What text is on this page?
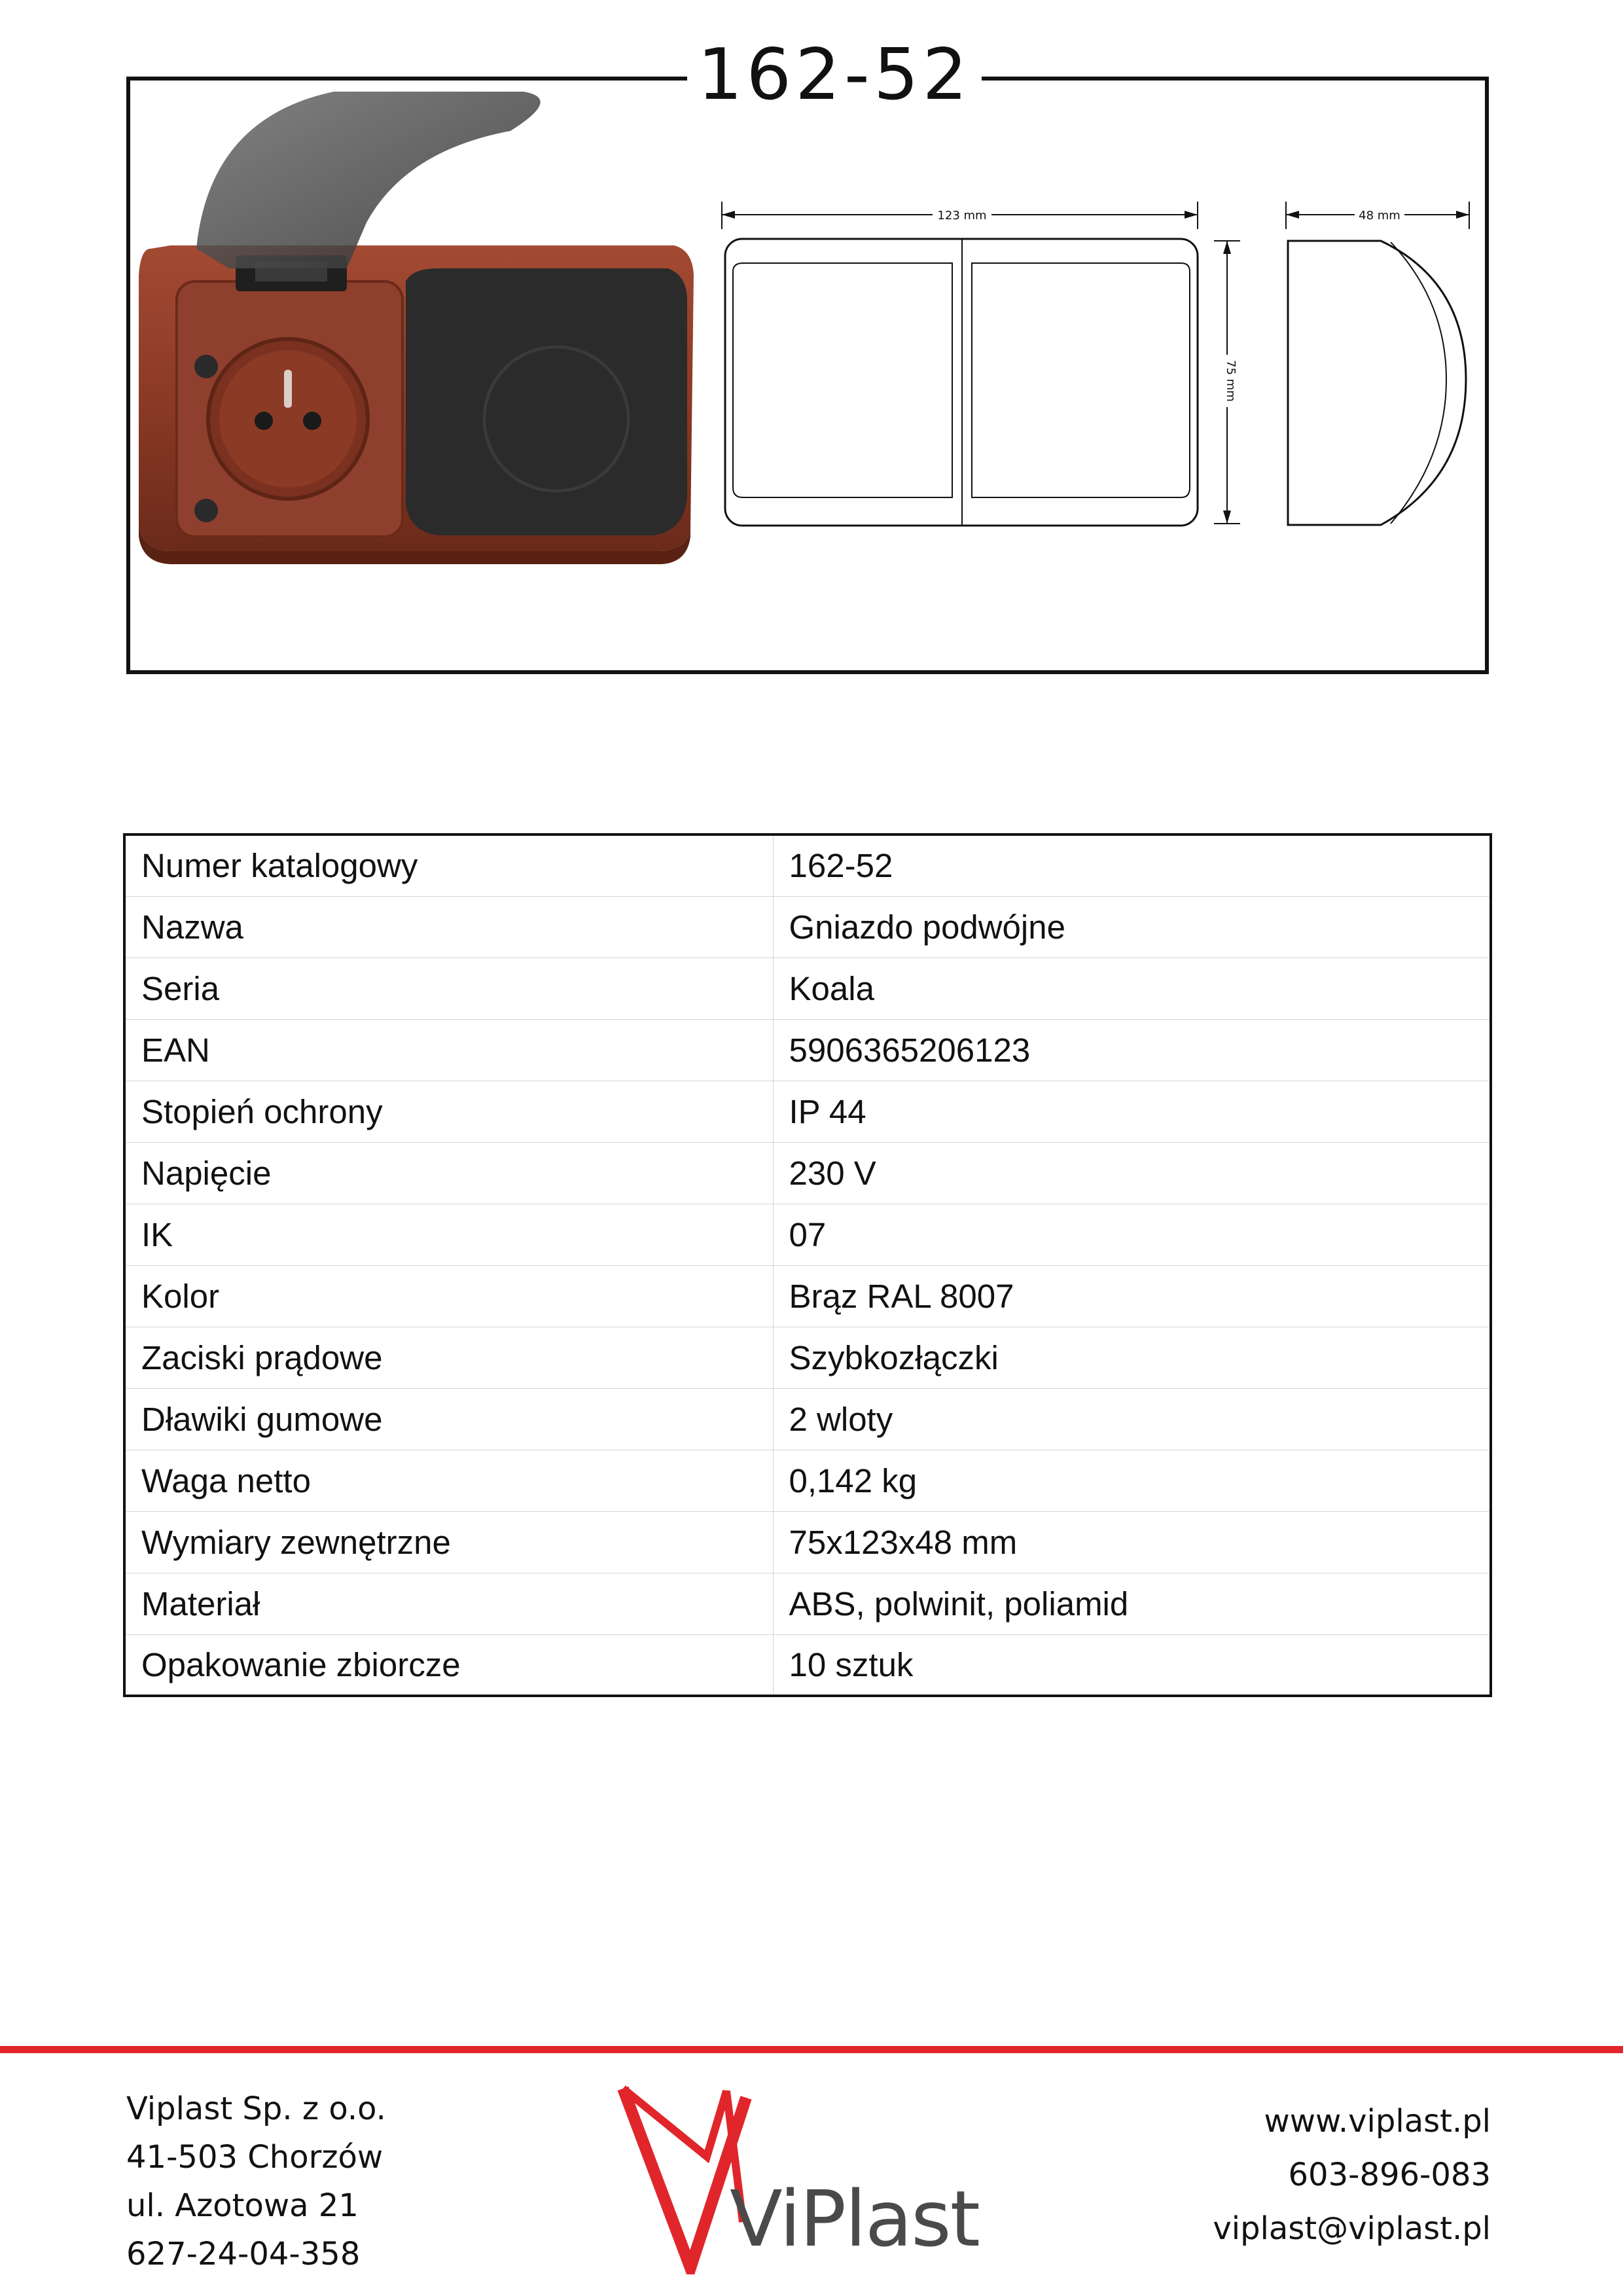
162-52
123 mm
75 mm
48 mm
Numer katalogowy	162-52
Nazwa	Gniazdo podwójne
Seria	Koala
EAN	5906365206123
Stopień ochrony	IP 44
Napięcie	230 V
IK	07
Kolor	Brąz RAL 8007
Zaciski prądowe	Szybkozłączki
Dławiki gumowe	2 wloty
Waga netto	0,142 kg
Wymiary zewnętrzne	75x123x48 mm
Materiał	ABS, polwinit, poliamid
Opakowanie zbiorcze	10 sztuk
Viplast Sp. z o.o.
41-503 Chorzów
ul. Azotowa 21
627-24-04-358	ViPlast
www.viplast.pl
603-896-083
viplast@viplast.pl
